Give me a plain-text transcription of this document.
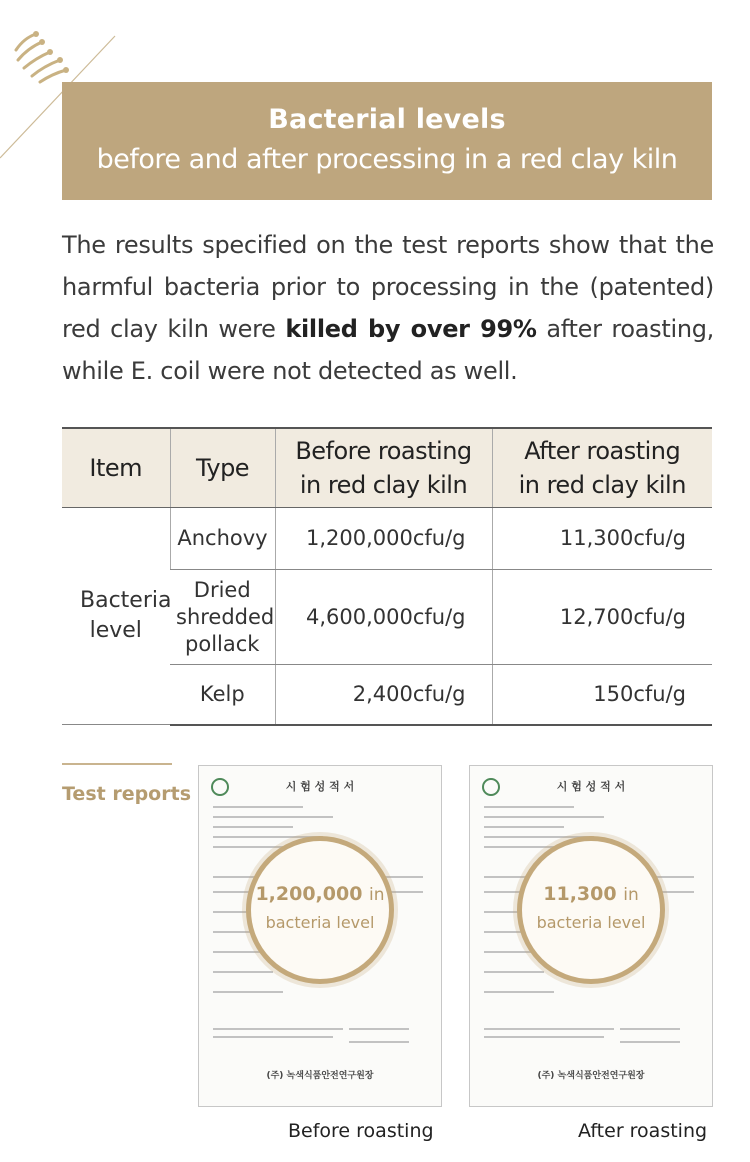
Bacterial levels
before and after processing in a red clay kiln

The results specified on the test reports show that the harmful bacteria prior to processing in the (patented) red clay kiln were killed by over 99% after roasting, while E. coil were not detected as well.

Item	Type	Before roasting in red clay kiln	After roasting in red clay kiln
Bacteria level	Anchovy	1,200,000cfu/g	11,300cfu/g
	Dried shredded pollack	4,600,000cfu/g	12,700cfu/g
	Kelp	2,400cfu/g	150cfu/g
Test reports	시 험 성 적 서
(주) 녹색식품안전연구원장
1,200,000 in
bacteria level
시 험 성 적 서
(주) 녹색식품안전연구원장
11,300 in
bacteria level
Before roasting	After roasting
